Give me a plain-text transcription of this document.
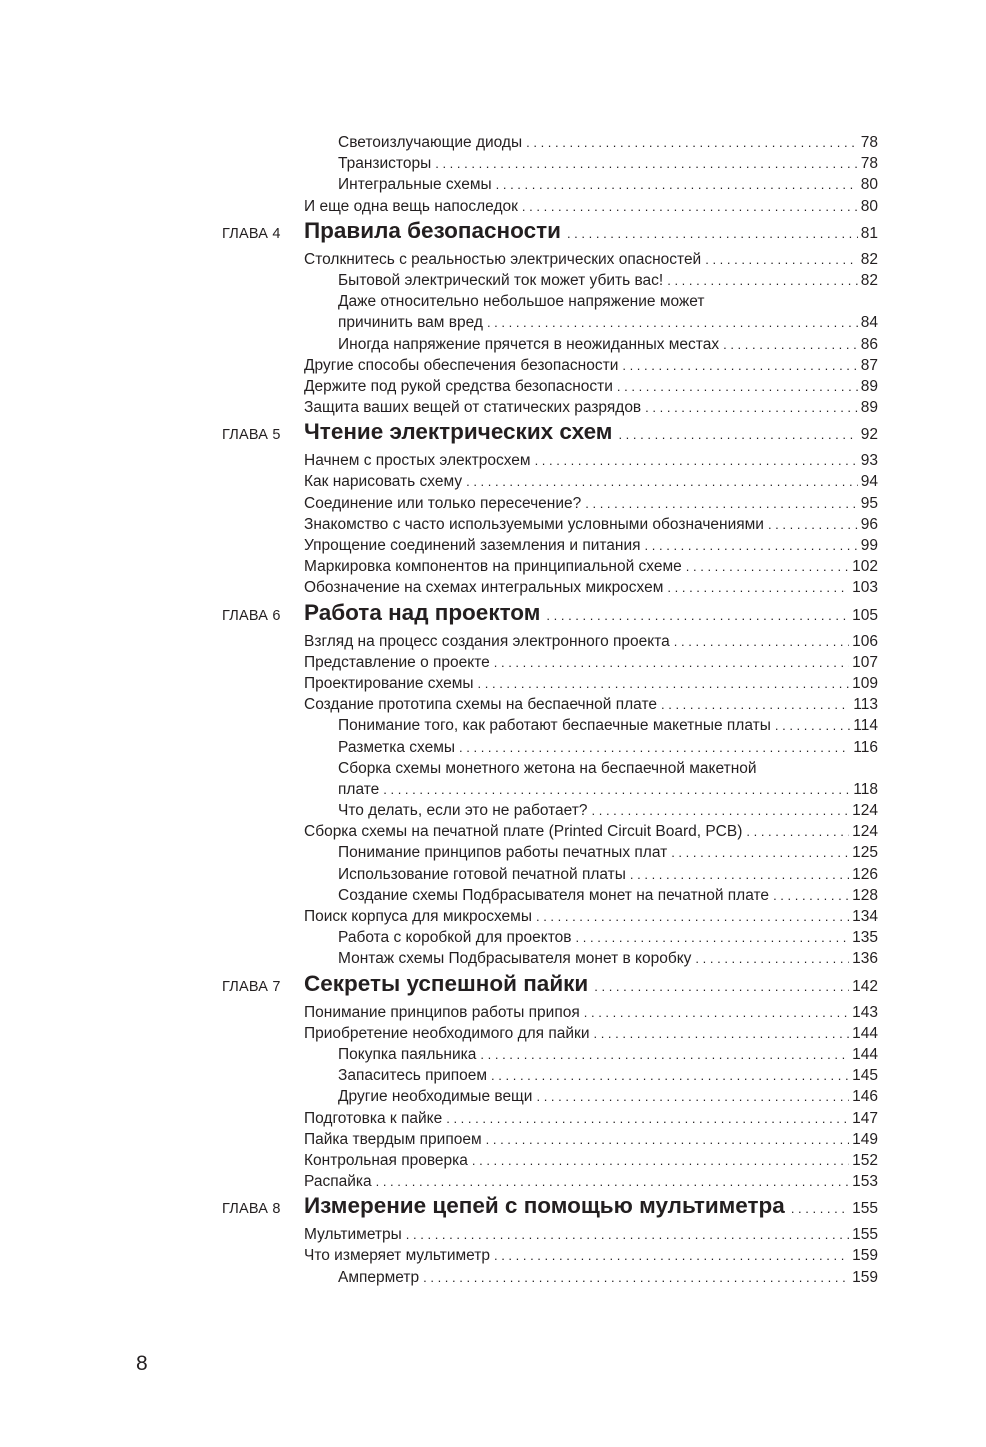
Светоизлучающие диоды . . .	78
Транзисторы . . .	78
Интегральные схемы . . .	80
И еще одна вещь напоследок . . .	80
ГЛАВА 4	Правила безопасности . . .	81
Столкнитесь с реальностью электрических опасностей . . .	82
Бытовой электрический ток может убить вас! . . .	82
Даже относительно небольшое напряжение может
причинить вам вред . . .	84
Иногда напряжение прячется в неожиданных местах . . .	86
Другие способы обеспечения безопасности . . .	87
Держите под рукой средства безопасности . . .	89
Защита ваших вещей от статических разрядов . . .	89
ГЛАВА 5	Чтение электрических схем . . .	92
Начнем с простых электросхем . . .	93
Как нарисовать схему . . .	94
Соединение или только пересечение? . . .	95
Знакомство с часто используемыми условными обозначениями . . .	96
Упрощение соединений заземления и питания . . .	99
Маркировка компонентов на принципиальной схеме . . .	102
Обозначение на схемах интегральных микросхем . . .	103
ГЛАВА 6	Работа над проектом . . .	105
Взгляд на процесс создания электронного проекта . . .	106
Представление о проекте . . .	107
Проектирование схемы . . .	109
Создание прототипа схемы на беспаечной плате . . .	113
Понимание того, как работают беспаечные макетные платы . . .	114
Разметка схемы . . .	116
Сборка схемы монетного жетона на беспаечной макетной
плате . . .	118
Что делать, если это не работает? . . .	124
Сборка схемы на печатной плате (Printed Circuit Board, PCB) . . .	124
Понимание принципов работы печатных плат . . .	125
Использование готовой печатной платы . . .	126
Создание схемы Подбрасывателя монет на печатной плате . . .	128
Поиск корпуса для микросхемы . . .	134
Работа с коробкой для проектов . . .	135
Монтаж схемы Подбрасывателя монет в коробку . . .	136
ГЛАВА 7	Секреты успешной пайки . . .	142
Понимание принципов работы припоя . . .	143
Приобретение необходимого для пайки . . .	144
Покупка паяльника . . .	144
Запаситесь припоем . . .	145
Другие необходимые вещи . . .	146
Подготовка к пайке . . .	147
Пайка твердым припоем . . .	149
Контрольная проверка . . .	152
Распайка . . .	153
ГЛАВА 8	Измерение цепей с помощью мультиметра . . .	155
Мультиметры . . .	155
Что измеряет мультиметр . . .	159
Амперметр . . .	159
8
